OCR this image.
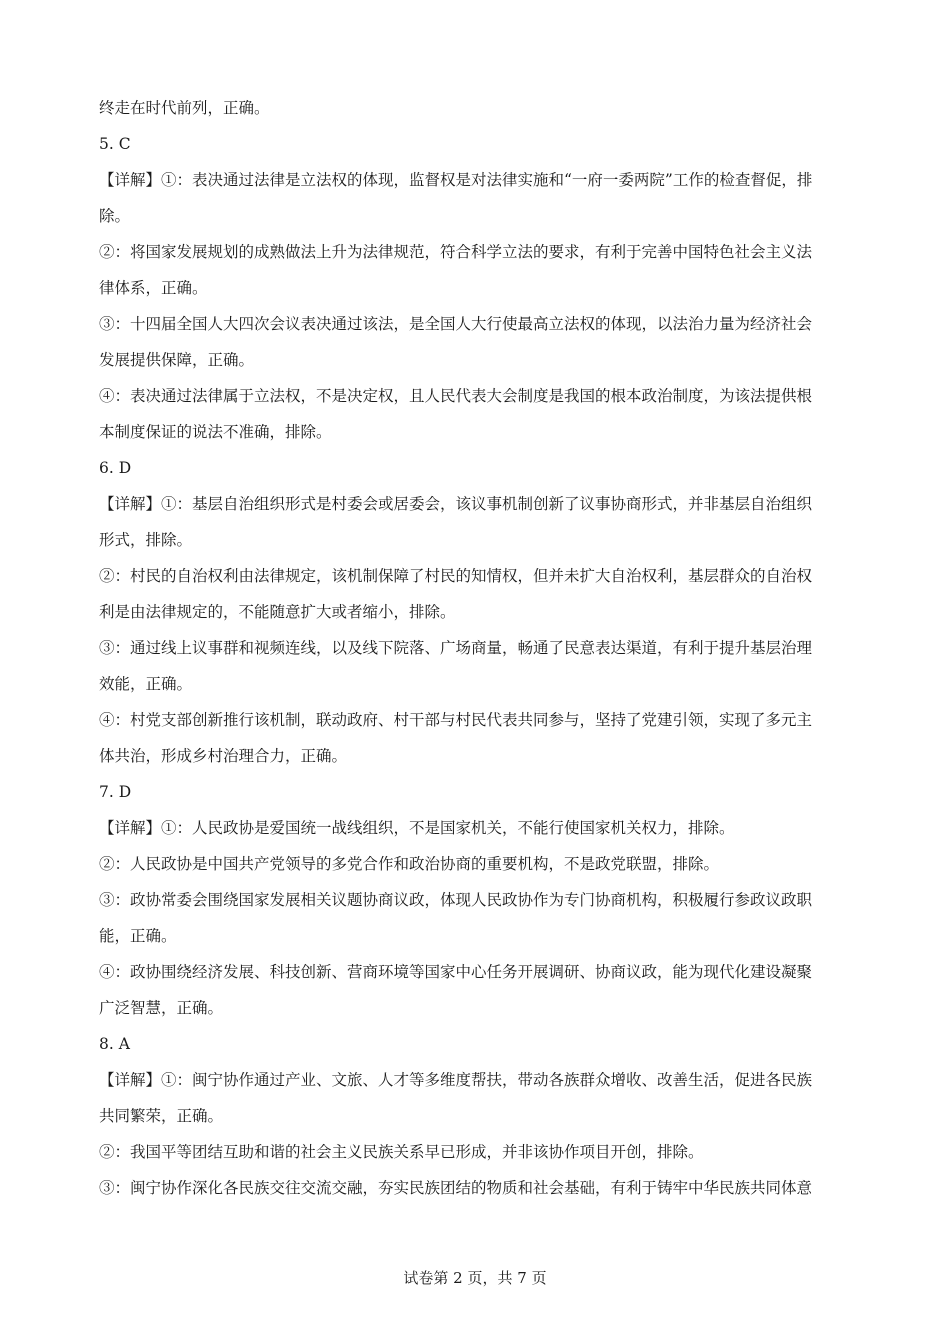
终走在时代前列，正确。
5. C
【详解】①：表决通过法律是立法权的体现，监督权是对法律实施和“一府一委两院”工作的检查督促，排
除。
②：将国家发展规划的成熟做法上升为法律规范，符合科学立法的要求，有利于完善中国特色社会主义法
律体系，正确。
③：十四届全国人大四次会议表决通过该法，是全国人大行使最高立法权的体现，以法治力量为经济社会
发展提供保障，正确。
④：表决通过法律属于立法权，不是决定权，且人民代表大会制度是我国的根本政治制度，为该法提供根
本制度保证的说法不准确，排除。
6. D
【详解】①：基层自治组织形式是村委会或居委会，该议事机制创新了议事协商形式，并非基层自治组织
形式，排除。
②：村民的自治权利由法律规定，该机制保障了村民的知情权，但并未扩大自治权利，基层群众的自治权
利是由法律规定的，不能随意扩大或者缩小，排除。
③：通过线上议事群和视频连线，以及线下院落、广场商量，畅通了民意表达渠道，有利于提升基层治理
效能，正确。
④：村党支部创新推行该机制，联动政府、村干部与村民代表共同参与，坚持了党建引领，实现了多元主
体共治，形成乡村治理合力，正确。
7. D
【详解】①：人民政协是爱国统一战线组织，不是国家机关，不能行使国家机关权力，排除。
②：人民政协是中国共产党领导的多党合作和政治协商的重要机构，不是政党联盟，排除。
③：政协常委会围绕国家发展相关议题协商议政，体现人民政协作为专门协商机构，积极履行参政议政职
能，正确。
④：政协围绕经济发展、科技创新、营商环境等国家中心任务开展调研、协商议政，能为现代化建设凝聚
广泛智慧，正确。
8. A
【详解】①：闽宁协作通过产业、文旅、人才等多维度帮扶，带动各族群众增收、改善生活，促进各民族
共同繁荣，正确。
②：我国平等团结互助和谐的社会主义民族关系早已形成，并非该协作项目开创，排除。
③：闽宁协作深化各民族交往交流交融，夯实民族团结的物质和社会基础，有利于铸牢中华民族共同体意
试卷第 2 页，共 7 页
